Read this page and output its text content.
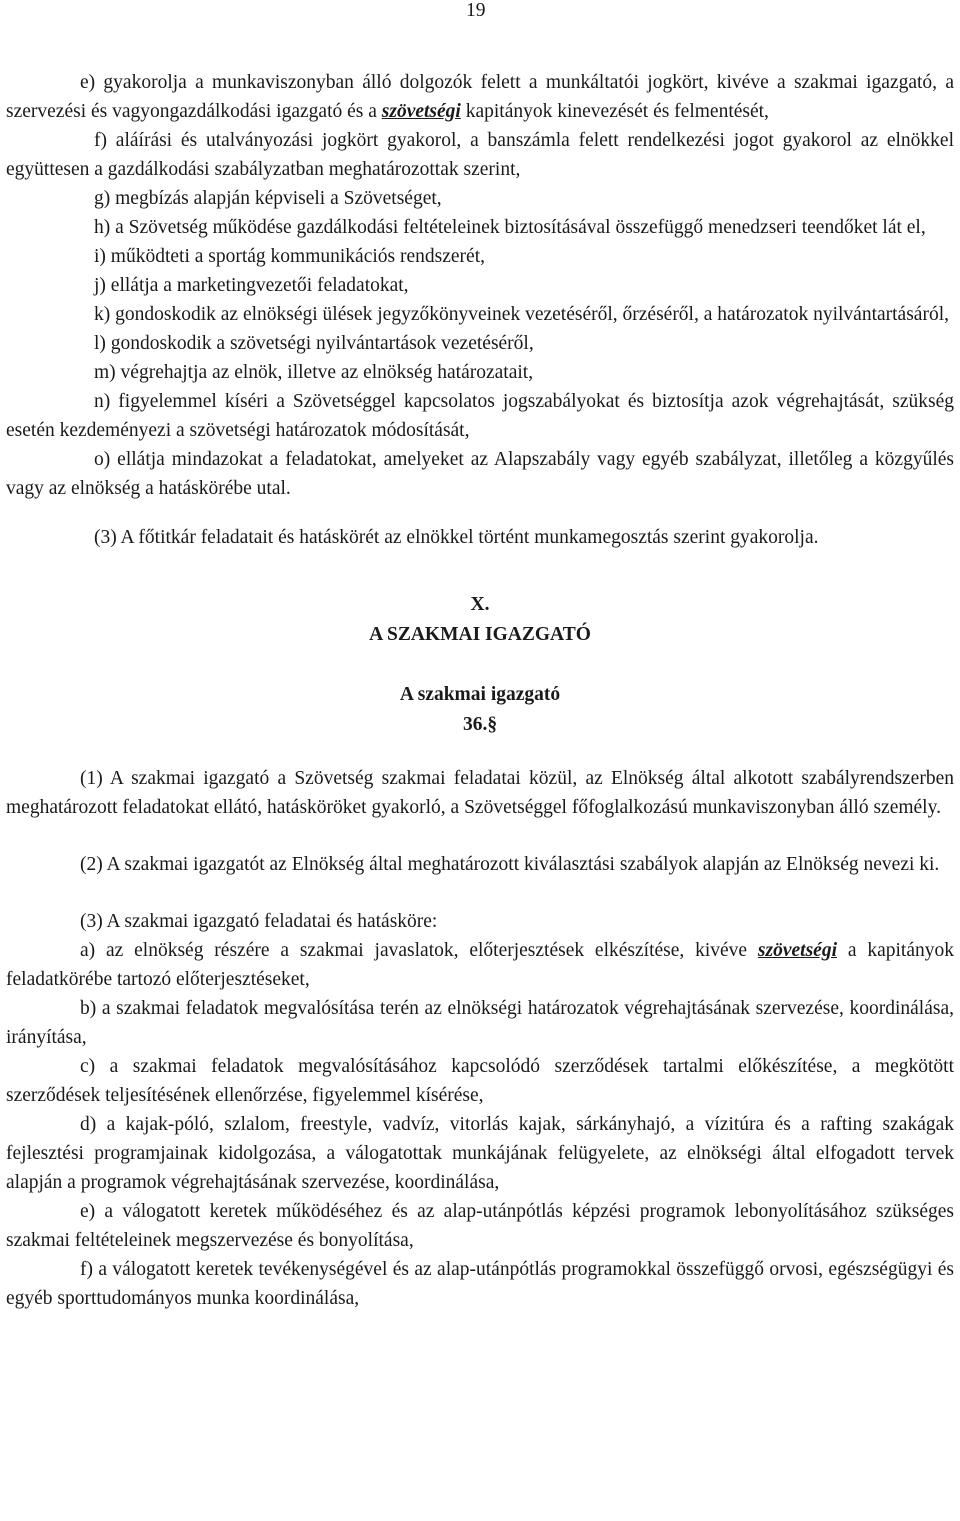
19
e) gyakorolja a munkaviszonyban álló dolgozók felett a munkáltatói jogkört, kivéve a szakmai igazgató, a szervezési és vagyongazdálkodási igazgató és a szövetségi kapitányok kinevezését és felmentését,
f) aláírási és utalványozási jogkört gyakorol, a banszámla felett rendelkezési jogot gyakorol az elnökkel együttesen a gazdálkodási szabályzatban meghatározottak szerint,
g) megbízás alapján képviseli a Szövetséget,
h) a Szövetség működése gazdálkodási feltételeinek biztosításával összefüggő menedzseri teendőket lát el,
i) működteti a sportág kommunikációs rendszerét,
j) ellátja a marketingvezetői feladatokat,
k) gondoskodik az elnökségi ülések jegyzőkönyveinek vezetéséről, őrzéséről, a határozatok nyilvántartásáról,
l) gondoskodik a szövetségi nyilvántartások vezetéséről,
m) végrehajtja az elnök, illetve az elnökség határozatait,
n) figyelemmel kíséri a Szövetséggel kapcsolatos jogszabályokat és biztosítja azok végrehajtását, szükség esetén kezdeményezi a szövetségi határozatok módosítását,
o) ellátja mindazokat a feladatokat, amelyeket az Alapszabály vagy egyéb szabályzat, illetőleg a közgyűlés vagy az elnökség a hatáskörébe utal.
(3) A főtitkár feladatait és hatáskörét az elnökkel történt munkamegosztás szerint gyakorolja.
X.
A SZAKMAI IGAZGATÓ
A szakmai igazgató
36.§
(1) A szakmai igazgató a Szövetség szakmai feladatai közül, az Elnökség által alkotott szabályrendszerben meghatározott feladatokat ellátó, hatásköröket gyakorló, a Szövetséggel főfoglalkozású munkaviszonyban álló személy.
(2) A szakmai igazgatót az Elnökség által meghatározott kiválasztási szabályok alapján az Elnökség nevezi ki.
(3) A szakmai igazgató feladatai és hatásköre:
a) az elnökség részére a szakmai javaslatok, előterjesztések elkészítése, kivéve szövetségi a kapitányok feladatkörébe tartozó előterjesztéseket,
b) a szakmai feladatok megvalósítása terén az elnökségi határozatok végrehajtásának szervezése, koordinálása, irányítása,
c) a szakmai feladatok megvalósításához kapcsolódó szerződések tartalmi előkészítése, a megkötött szerződések teljesítésének ellenőrzése, figyelemmel kísérése,
d) a kajak-póló, szlalom, freestyle, vadvíz, vitorlás kajak, sárkányhajó, a vízitúra és a rafting szakágak fejlesztési programjainak kidolgozása, a válogatottak munkájának felügyelete, az elnökségi által elfogadott tervek alapján a programok végrehajtásának szervezése, koordinálása,
e) a válogatott keretek működéséhez és az alap-utánpótlás képzési programok lebonyolításához szükséges szakmai feltételeinek megszervezése és bonyolítása,
f) a válogatott keretek tevékenységével és az alap-utánpótlás programokkal összefüggő orvosi, egészségügyi és egyéb sporttudományos munka koordinálása,
